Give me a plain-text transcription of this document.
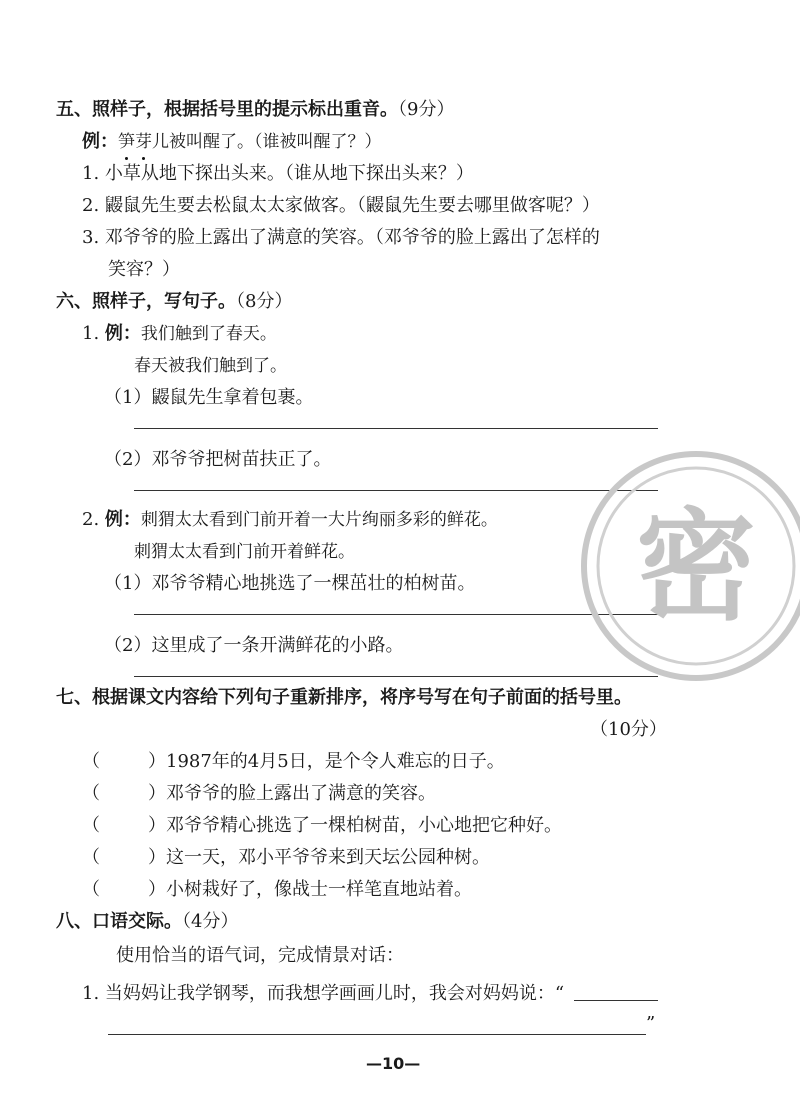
五、照样子，根据括号里的提示标出重音。（9分）
例：笋芽儿被叫醒了。（谁被叫醒了？）
1. 小草从地下探出头来。（谁从地下探出头来？）
2. 鼹鼠先生要去松鼠太太家做客。（鼹鼠先生要去哪里做客呢？）
3. 邓爷爷的脸上露出了满意的笑容。（邓爷爷的脸上露出了怎样的
笑容？）
六、照样子，写句子。（8分）
1. 例：我们触到了春天。
春天被我们触到了。
（1）鼹鼠先生拿着包裹。
（2）邓爷爷把树苗扶正了。
2. 例：刺猬太太看到门前开着一大片绚丽多彩的鲜花。
刺猬太太看到门前开着鲜花。
（1）邓爷爷精心地挑选了一棵茁壮的柏树苗。
（2）这里成了一条开满鲜花的小路。
七、根据课文内容给下列句子重新排序，将序号写在句子前面的括号里。
（10分）
（	）1987年的4月5日，是个令人难忘的日子。
（	）邓爷爷的脸上露出了满意的笑容。
（	）邓爷爷精心挑选了一棵柏树苗，小心地把它种好。
（	）这一天，邓小平爷爷来到天坛公园种树。
（	）小树栽好了，像战士一样笔直地站着。
八、口语交际。（4分）
使用恰当的语气词，完成情景对话：
1. 当妈妈让我学钢琴，而我想学画画儿时，我会对妈妈说：“
”
—10—
密
